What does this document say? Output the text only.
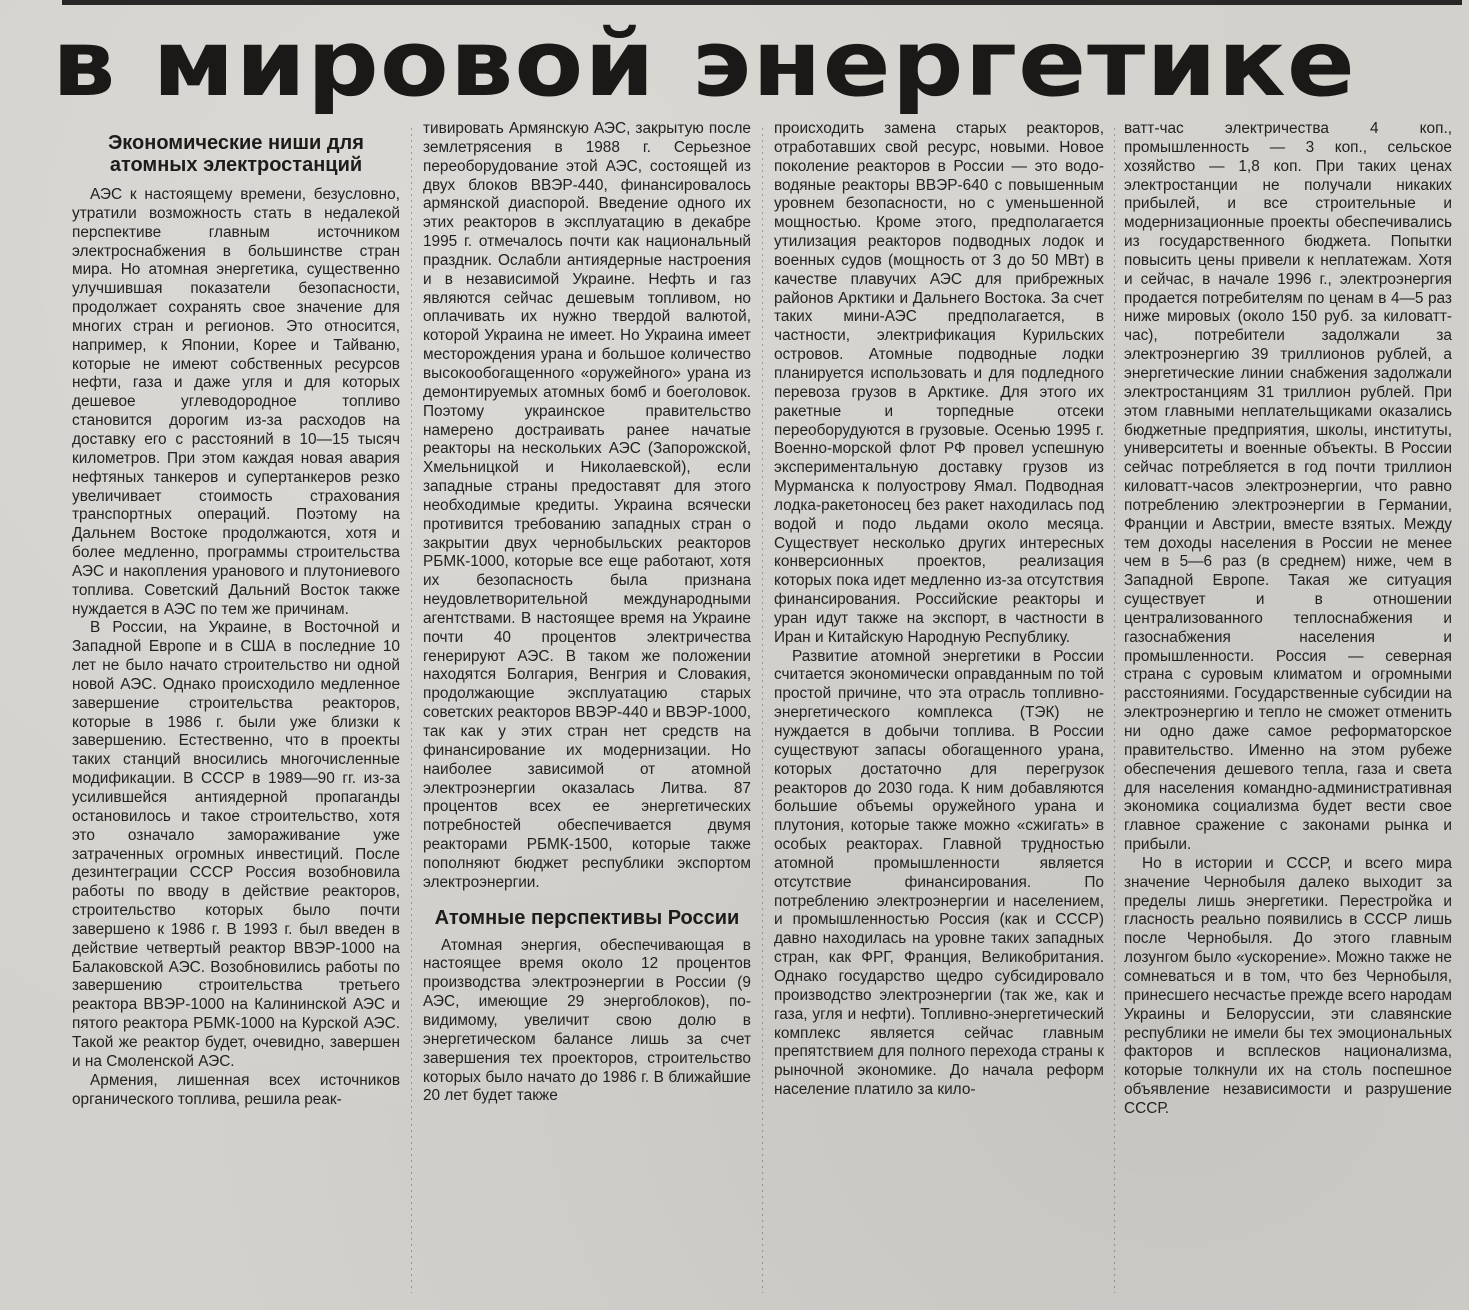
в мировой энергетике
Экономические ниши для атомных электростанций

АЭС к настоящему времени, безусловно, утратили возможность стать в недалекой перспективе главным источником электроснабжения в большинстве стран мира. Но атомная энергетика, существенно улучшившая показатели безопасности, продолжает сохранять свое значение для многих стран и регионов. Это относится, например, к Японии, Корее и Тайваню, которые не имеют собственных ресурсов нефти, газа и даже угля и для которых дешевое углеводородное топливо становится дорогим из-за расходов на доставку его с расстояний в 10—15 тысяч километров. При этом каждая новая авария нефтяных танкеров и супертанкеров резко увеличивает стоимость страхования транспортных операций. Поэтому на Дальнем Востоке продолжаются, хотя и более медленно, программы строительства АЭС и накопления уранового и плутониевого топлива. Советский Дальний Восток также нуждается в АЭС по тем же причинам.

В России, на Украине, в Восточной и Западной Европе и в США в последние 10 лет не было начато строительство ни одной новой АЭС. Однако происходило медленное завершение строительства реакторов, которые в 1986 г. были уже близки к завершению. Естественно, что в проекты таких станций вносились многочисленные модификации. В СССР в 1989—90 гг. из-за усилившейся антиядерной пропаганды остановилось и такое строительство, хотя это означало замораживание уже затраченных огромных инвестиций. После дезинтеграции СССР Россия возобновила работы по вводу в действие реакторов, строительство которых было почти завершено к 1986 г. В 1993 г. был введен в действие четвертый реактор ВВЭР-1000 на Балаковской АЭС. Возобновились работы по завершению строительства третьего реактора ВВЭР-1000 на Калининской АЭС и пятого реактора РБМК-1000 на Курской АЭС. Такой же реактор будет, очевидно, завершен и на Смоленской АЭС.

Армения, лишенная всех источников органического топлива, решила реак-

тивировать Армянскую АЭС, закрытую после землетрясения в 1988 г. Серьезное переоборудование этой АЭС, состоящей из двух блоков ВВЭР-440, финансировалось армянской диаспорой. Введение одного их этих реакторов в эксплуатацию в декабре 1995 г. отмечалось почти как национальный праздник. Ослабли антиядерные настроения и в независимой Украине. Нефть и газ являются сейчас дешевым топливом, но оплачивать их нужно твердой валютой, которой Украина не имеет. Но Украина имеет месторождения урана и большое количество высокообогащенного «оружейного» урана из демонтируемых атомных бомб и боеголовок. Поэтому украинское правительство намерено достраивать ранее начатые реакторы на нескольких АЭС (Запорожской, Хмельницкой и Николаевской), если западные страны предоставят для этого необходимые кредиты. Украина всячески противится требованию западных стран о закрытии двух чернобыльских реакторов РБМК-1000, которые все еще работают, хотя их безопасность была признана неудовлетворительной международными агентствами. В настоящее время на Украине почти 40 процентов электричества генерируют АЭС. В таком же положении находятся Болгария, Венгрия и Словакия, продолжающие эксплуатацию старых советских реакторов ВВЭР-440 и ВВЭР-1000, так как у этих стран нет средств на финансирование их модернизации. Но наиболее зависимой от атомной электроэнергии оказалась Литва. 87 процентов всех ее энергетических потребностей обеспечивается двумя реакторами РБМК-1500, которые также пополняют бюджет республики экспортом электроэнергии.

Атомные перспективы России

Атомная энергия, обеспечивающая в настоящее время около 12 процентов производства электроэнергии в России (9 АЭС, имеющие 29 энергоблоков), по-видимому, увеличит свою долю в энергетическом балансе лишь за счет завершения тех проекторов, строительство которых было начато до 1986 г. В ближайшие 20 лет будет также

происходить замена старых реакторов, отработавших свой ресурс, новыми. Новое поколение реакторов в России — это водо-водяные реакторы ВВЭР-640 с повышенным уровнем безопасности, но с уменьшенной мощностью. Кроме этого, предполагается утилизация реакторов подводных лодок и военных судов (мощность от 3 до 50 МВт) в качестве плавучих АЭС для прибрежных районов Арктики и Дальнего Востока. За счет таких мини-АЭС предполагается, в частности, электрификация Курильских островов. Атомные подводные лодки планируется использовать и для подледного перевоза грузов в Арктике. Для этого их ракетные и торпедные отсеки переоборудуются в грузовые. Осенью 1995 г. Военно-морской флот РФ провел успешную экспериментальную доставку грузов из Мурманска к полуострову Ямал. Подводная лодка-ракетоносец без ракет находилась под водой и подо льдами около месяца. Существует несколько других интересных конверсионных проектов, реализация которых пока идет медленно из-за отсутствия финансирования. Российские реакторы и уран идут также на экспорт, в частности в Иран и Китайскую Народную Республику.

Развитие атомной энергетики в России считается экономически оправданным по той простой причине, что эта отрасль топливно-энергетического комплекса (ТЭК) не нуждается в добычи топлива. В России существуют запасы обогащенного урана, которых достаточно для перегрузок реакторов до 2030 года. К ним добавляются большие объемы оружейного урана и плутония, которые также можно «сжигать» в особых реакторах. Главной трудностью атомной промышленности является отсутствие финансирования. По потреблению электроэнергии и населением, и промышленностью Россия (как и СССР) давно находилась на уровне таких западных стран, как ФРГ, Франция, Великобритания. Однако государство щедро субсидировало производство электроэнергии (так же, как и газа, угля и нефти). Топливно-энергетический комплекс является сейчас главным препятствием для полного перехода страны к рыночной экономике. До начала реформ население платило за кило-

ватт-час электричества 4 коп., промышленность — 3 коп., сельское хозяйство — 1,8 коп. При таких ценах электростанции не получали никаких прибылей, и все строительные и модернизационные проекты обеспечивались из государственного бюджета. Попытки повысить цены привели к неплатежам. Хотя и сейчас, в начале 1996 г., электроэнергия продается потребителям по ценам в 4—5 раз ниже мировых (около 150 руб. за киловатт-час), потребители задолжали за электроэнергию 39 триллионов рублей, а энергетические линии снабжения задолжали электростанциям 31 триллион рублей. При этом главными неплательщиками оказались бюджетные предприятия, школы, институты, университеты и военные объекты. В России сейчас потребляется в год почти триллион киловатт-часов электроэнергии, что равно потреблению электроэнергии в Германии, Франции и Австрии, вместе взятых. Между тем доходы населения в России не менее чем в 5—6 раз (в среднем) ниже, чем в Западной Европе. Такая же ситуация существует и в отношении централизованного теплоснабжения и газоснабжения населения и промышленности. Россия — северная страна с суровым климатом и огромными расстояниями. Государственные субсидии на электроэнергию и тепло не сможет отменить ни одно даже самое реформаторское правительство. Именно на этом рубеже обеспечения дешевого тепла, газа и света для населения командно-административная экономика социализма будет вести свое главное сражение с законами рынка и прибыли.

Но в истории и СССР, и всего мира значение Чернобыля далеко выходит за пределы лишь энергетики. Перестройка и гласность реально появились в СССР лишь после Чернобыля. До этого главным лозунгом было «ускорение». Можно также не сомневаться и в том, что без Чернобыля, принесшего несчастье прежде всего народам Украины и Белоруссии, эти славянские республики не имели бы тех эмоциональных факторов и всплесков национализма, которые толкнули их на столь поспешное объявление независимости и разрушение СССР.
